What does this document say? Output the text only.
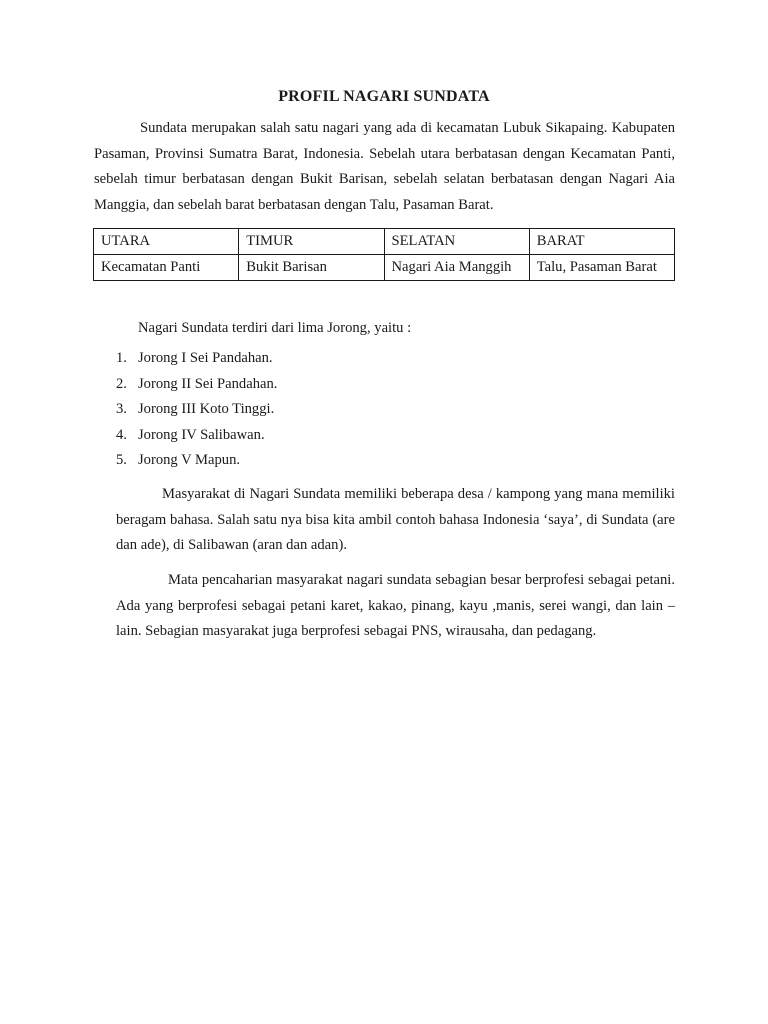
PROFIL NAGARI SUNDATA

Sundata merupakan salah satu nagari yang ada di kecamatan Lubuk Sikapaing. Kabupaten Pasaman, Provinsi Sumatra Barat, Indonesia. Sebelah utara berbatasan dengan Kecamatan Panti, sebelah timur berbatasan dengan Bukit Barisan, sebelah selatan berbatasan dengan Nagari Aia Manggia, dan sebelah barat berbatasan dengan Talu, Pasaman Barat.

UTARA	TIMUR	SELATAN	BARAT
Kecamatan Panti	Bukit Barisan	Nagari Aia Manggih	Talu, Pasaman Barat

Nagari Sundata terdiri dari lima Jorong, yaitu :

1. Jorong I Sei Pandahan.
2. Jorong II Sei Pandahan.
3. Jorong III Koto Tinggi.
4. Jorong IV Salibawan.
5. Jorong V Mapun.

Masyarakat di Nagari Sundata memiliki beberapa desa / kampong yang mana memiliki beragam bahasa. Salah satu nya bisa kita ambil contoh bahasa Indonesia ‘saya’, di Sundata (are dan ade), di Salibawan (aran dan adan).

Mata pencaharian masyarakat nagari sundata sebagian besar berprofesi sebagai petani. Ada yang berprofesi sebagai petani karet, kakao, pinang, kayu ,manis, serei wangi, dan lain – lain. Sebagian masyarakat juga berprofesi sebagai PNS, wirausaha, dan pedagang.
